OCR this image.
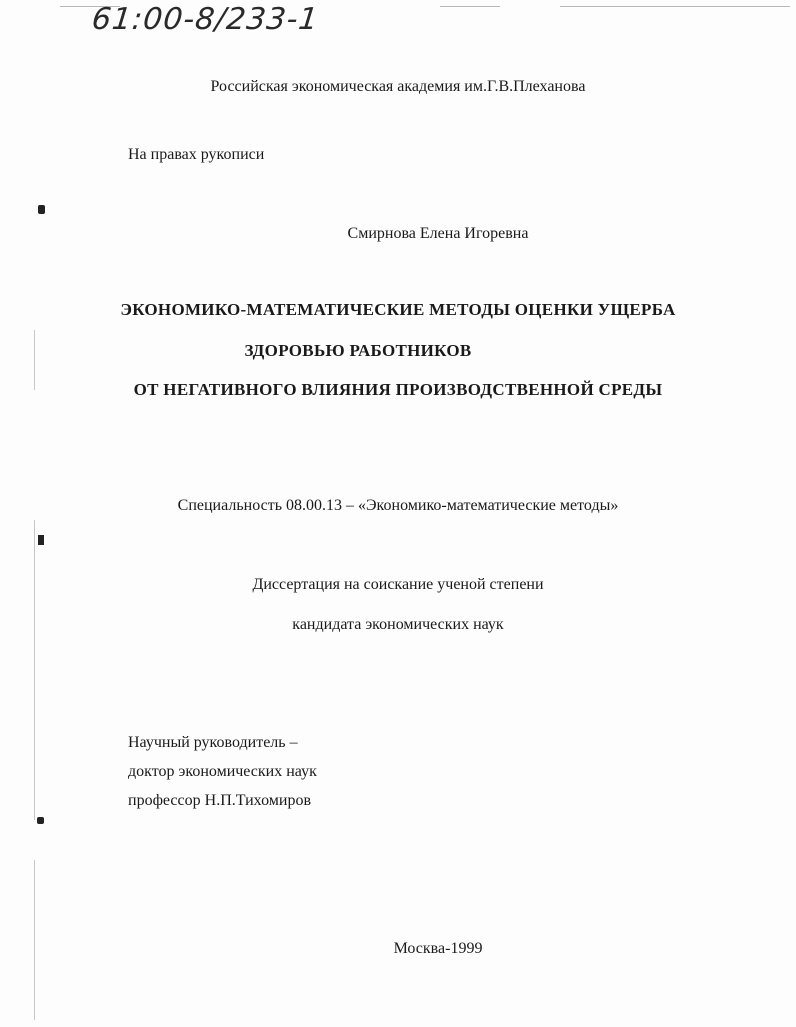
61:00-8/233-1
Российская экономическая академия им.Г.В.Плеханова
На правах рукописи
Смирнова Елена Игоревна
ЭКОНОМИКО-МАТЕМАТИЧЕСКИЕ МЕТОДЫ ОЦЕНКИ УЩЕРБА
ЗДОРОВЬЮ РАБОТНИКОВ
ОТ НЕГАТИВНОГО ВЛИЯНИЯ ПРОИЗВОДСТВЕННОЙ СРЕДЫ
Специальность 08.00.13 – «Экономико-математические методы»
Диссертация на соискание ученой степени
кандидата экономических наук
Научный руководитель –
доктор экономических наук
профессор Н.П.Тихомиров
Москва-1999
